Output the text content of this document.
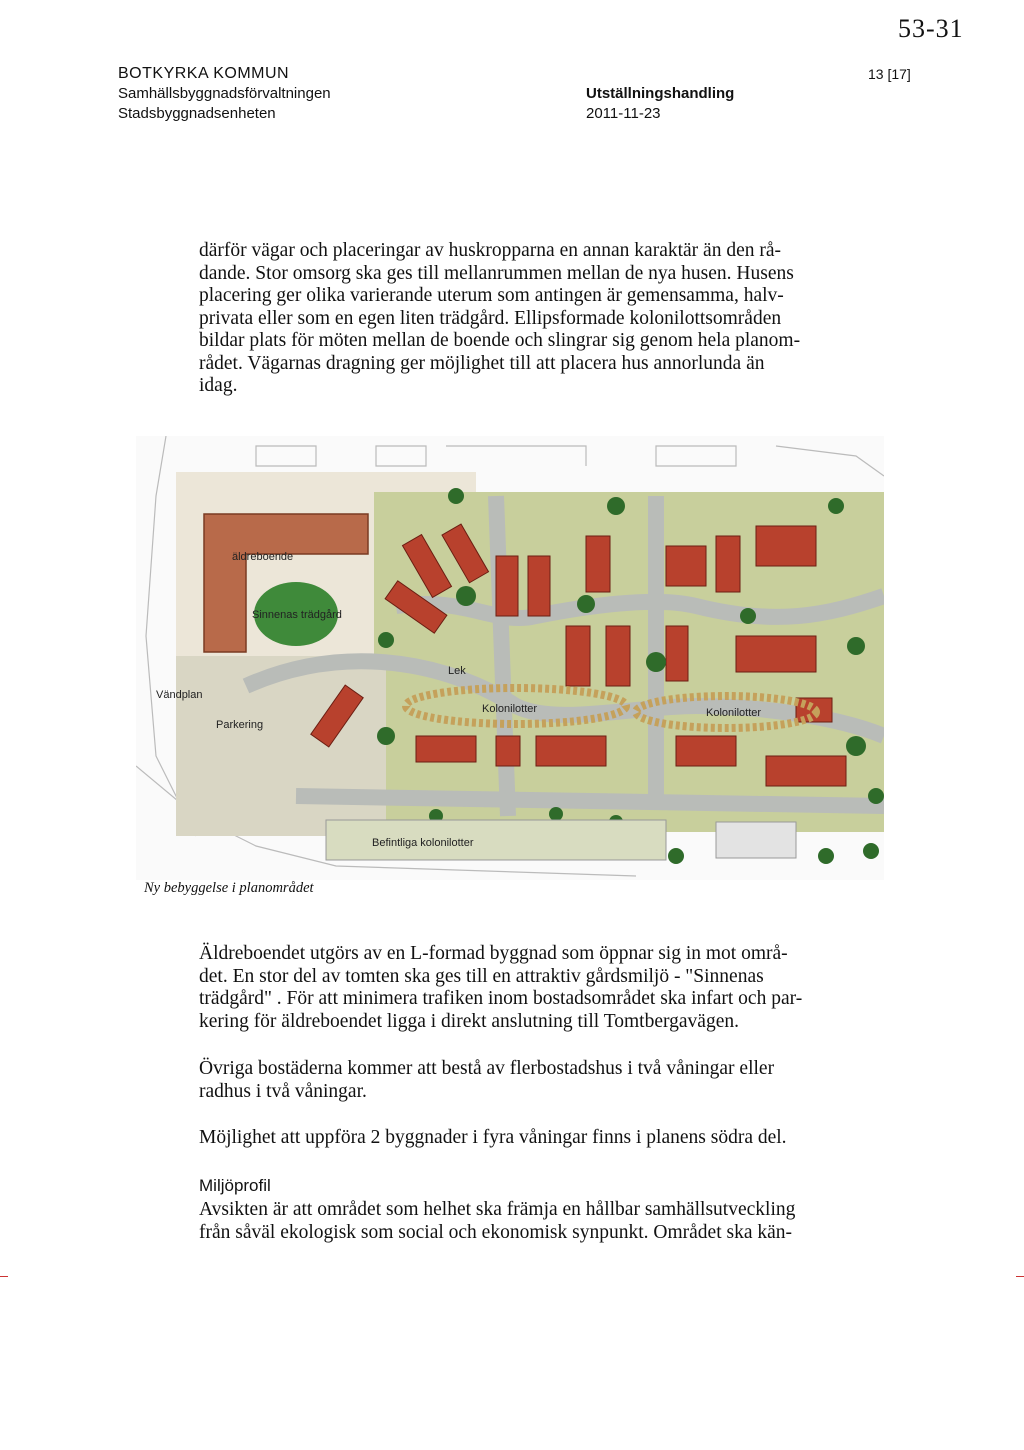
53-31
BOTKYRKA KOMMUN
Samhällsbyggnadsförvaltningen
Stadsbyggnadsenheten
Utställningshandling
2011-11-23
13 [17]
därför vägar och placeringar av huskropparna en annan karaktär än den rå-
dande. Stor omsorg ska ges till mellanrummen mellan de nya husen. Husens
placering ger olika varierande uterum som antingen är gemensamma, halv-
privata eller som en egen liten trädgård. Ellipsformade kolonilottsområden
bildar plats för möten mellan de boende och slingrar sig genom hela planom-
rådet. Vägarnas dragning ger möjlighet till att placera hus annorlunda än
idag.
äldreboende
Sinnenas trädgård
Vändplan
Parkering
Lek
Kolonilotter	Kolonilotter
Befintliga kolonilotter
Ny bebyggelse i planområdet
Äldreboendet utgörs av en L-formad byggnad som öppnar sig in mot områ-
det. En stor del av tomten ska ges till en attraktiv gårdsmiljö - "Sinnenas
trädgård" . För att minimera trafiken inom bostadsområdet ska infart och par-
kering för äldreboendet ligga i direkt anslutning till Tomtbergavägen.
Övriga bostäderna kommer att bestå av flerbostadshus i två våningar eller
radhus i två våningar.
Möjlighet att uppföra 2 byggnader i fyra våningar finns i planens södra del.
Miljöprofil
Avsikten är att området som helhet ska främja en hållbar samhällsutveckling
från såväl ekologisk som social och ekonomisk synpunkt. Området ska kän-
